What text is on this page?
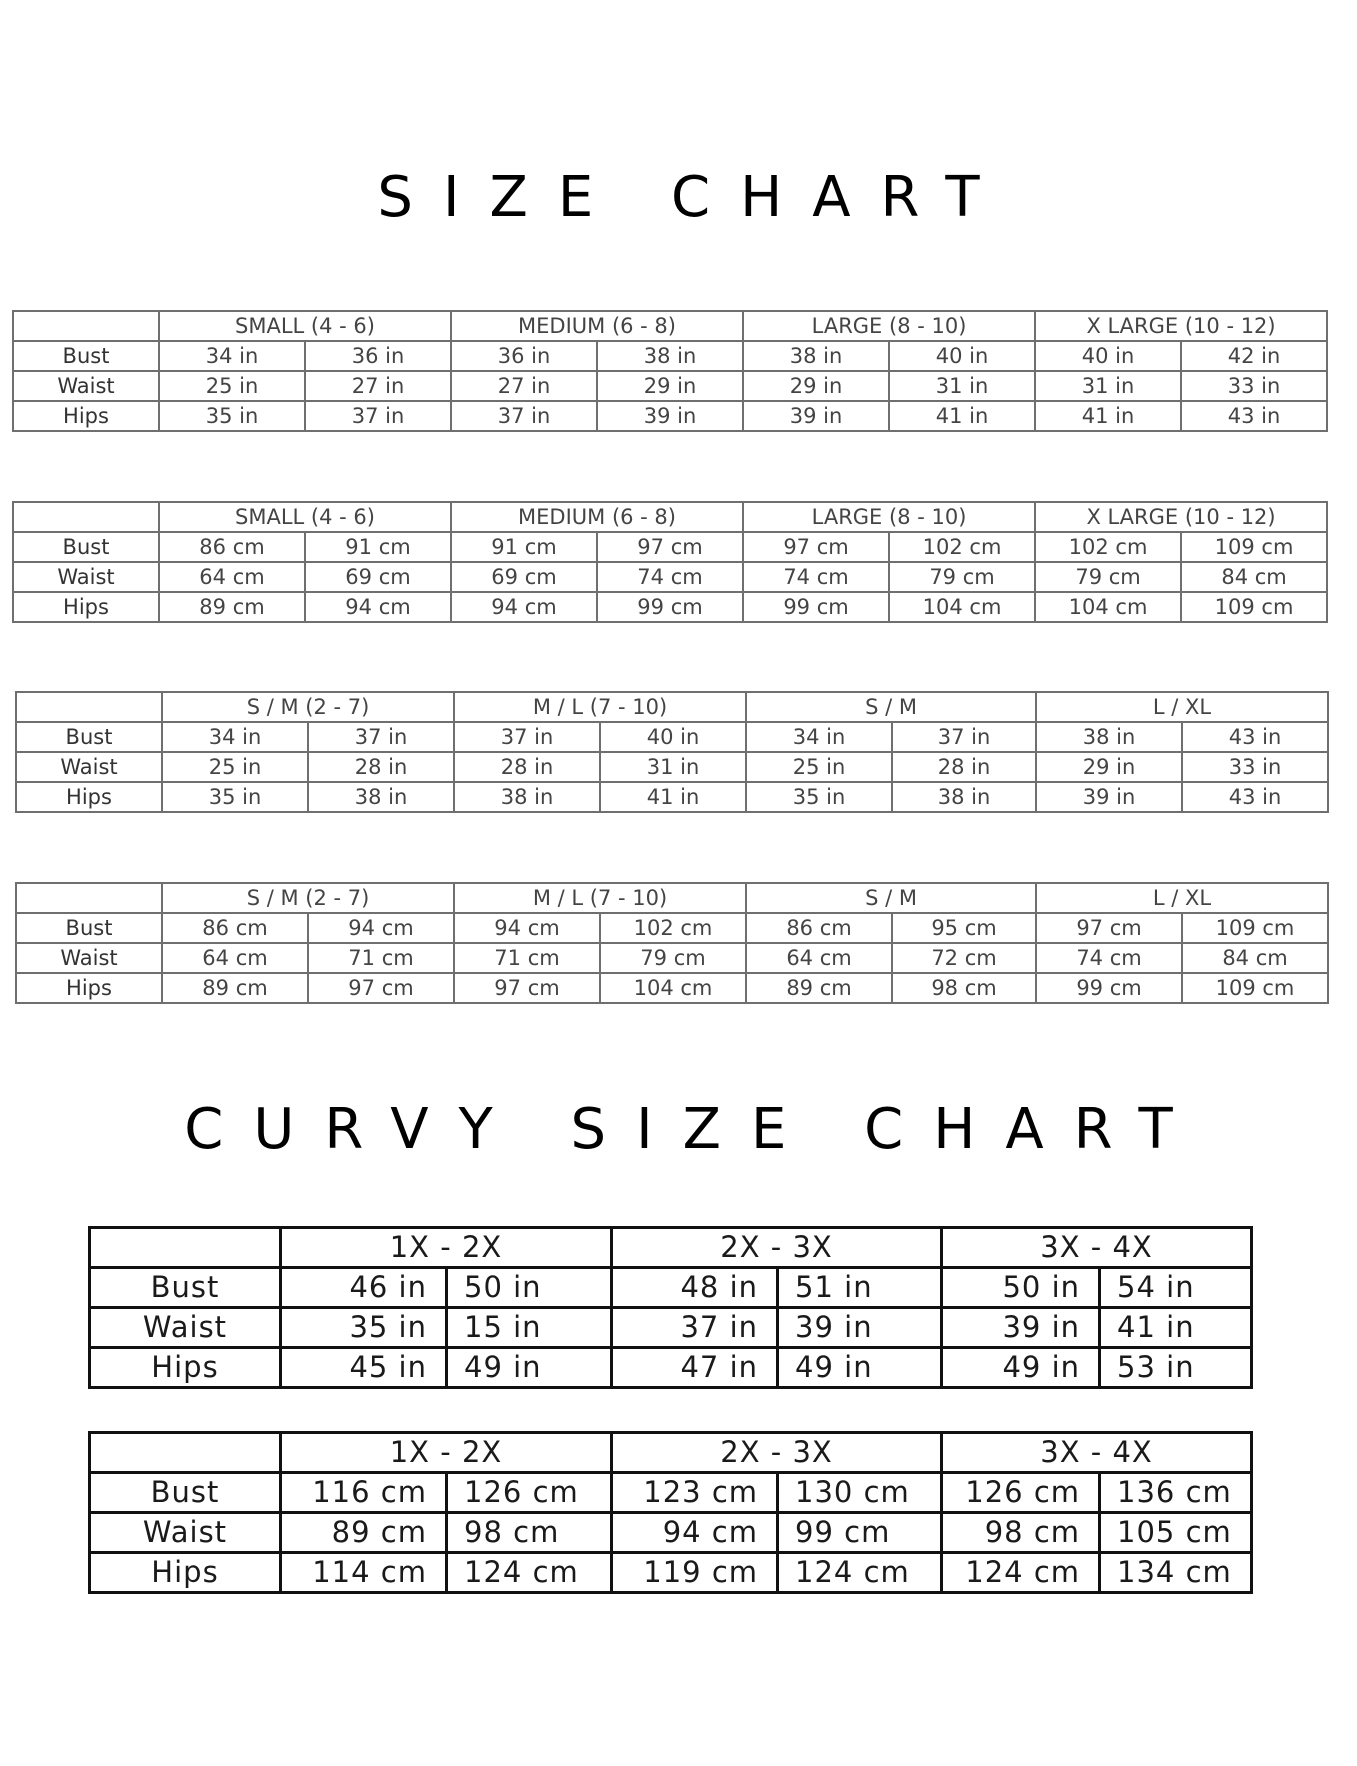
SIZE CHART
CURVY SIZE CHART
	SMALL (4 - 6)		MEDIUM (6 - 8)		LARGE (8 - 10)		X LARGE (10 - 12)	
Bust	34 in	36 in	36 in	38 in	38 in	40 in	40 in	42 in
Waist	25 in	27 in	27 in	29 in	29 in	31 in	31 in	33 in
Hips	35 in	37 in	37 in	39 in	39 in	41 in	41 in	43 in
	SMALL (4 - 6)		MEDIUM (6 - 8)		LARGE (8 - 10)		X LARGE (10 - 12)	
Bust	86 cm	91 cm	91 cm	97 cm	97 cm	102 cm	102 cm	109 cm
Waist	64 cm	69 cm	69 cm	74 cm	74 cm	79 cm	79 cm	84 cm
Hips	89 cm	94 cm	94 cm	99 cm	99 cm	104 cm	104 cm	109 cm
	S / M (2 - 7)		M / L (7 - 10)		S / M		L / XL	
Bust	34 in	37 in	37 in	40 in	34 in	37 in	38 in	43 in
Waist	25 in	28 in	28 in	31 in	25 in	28 in	29 in	33 in
Hips	35 in	38 in	38 in	41 in	35 in	38 in	39 in	43 in
	S / M (2 - 7)		M / L (7 - 10)		S / M		L / XL	
Bust	86 cm	94 cm	94 cm	102 cm	86 cm	95 cm	97 cm	109 cm
Waist	64 cm	71 cm	71 cm	79 cm	64 cm	72 cm	74 cm	84 cm
Hips	89 cm	97 cm	97 cm	104 cm	89 cm	98 cm	99 cm	109 cm
	1X - 2X		2X - 3X		3X - 4X	
Bust	46 in	50 in	48 in	51 in	50 in	54 in
Waist	35 in	15 in	37 in	39 in	39 in	41 in
Hips	45 in	49 in	47 in	49 in	49 in	53 in
	1X - 2X		2X - 3X		3X - 4X	
Bust	116 cm	126 cm	123 cm	130 cm	126 cm	136 cm
Waist	89 cm	98 cm	94 cm	99 cm	98 cm	105 cm
Hips	114 cm	124 cm	119 cm	124 cm	124 cm	134 cm
